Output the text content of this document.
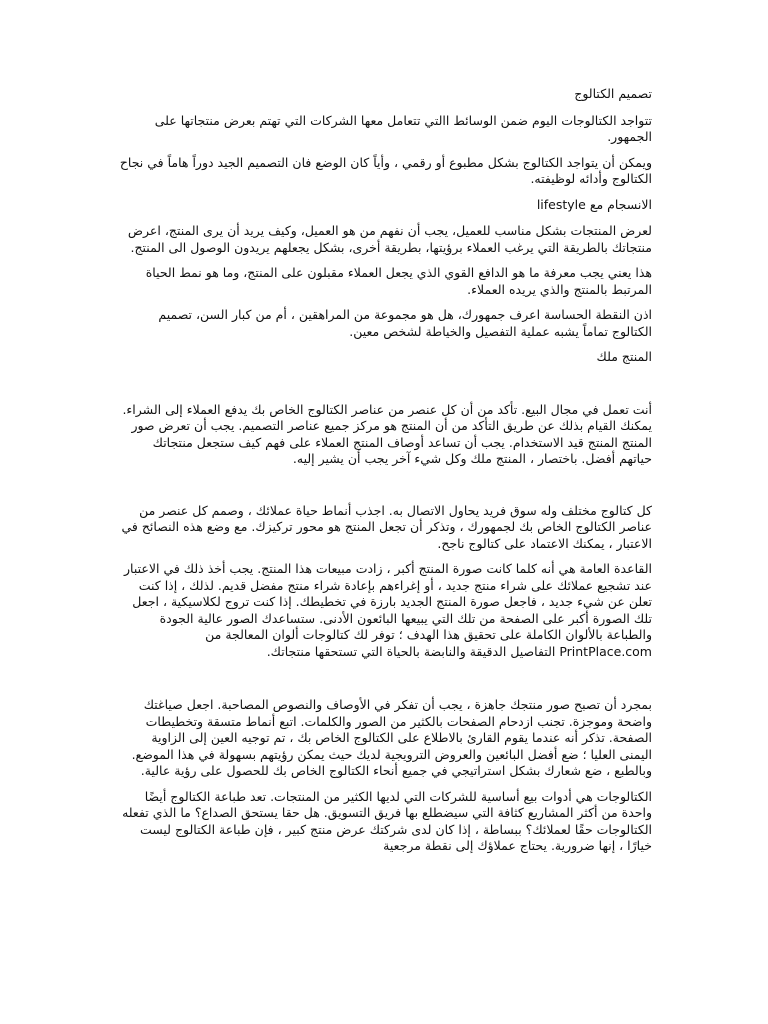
تصميم الكتالوج

تتواجد الكتالوجات اليوم ضمن الوسائط االتي تتعامل معها الشركات التي تهتم بعرض منتجاتها على الجمهور.

ويمكن أن يتواجد الكتالوج بشكل مطبوع أو رقمي ، وأياً كان الوضع فان التصميم الجيد دوراً هاماً في نجاح الكتالوج وأدائه لوظيفته.

الانسجام مع lifestyle

لعرض المنتجات بشكل مناسب للعميل، يجب أن نفهم من هو العميل، وكيف يريد أن يرى المنتج، اعرض منتجاتك بالطريقة التي يرغب العملاء برؤيتها، بطريقة أخرى، بشكل يجعلهم يريدون الوصول الى المنتج.

هذا يعني يجب معرفة ما هو الدافع القوي الذي يجعل العملاء مقبلون على المنتج، وما هو نمط الحياة المرتبط بالمنتج والذي يريده العملاء.

اذن النقطة الحساسة اعرف جمهورك، هل هو مجموعة من المراهقين ، أم من كبار السن، تصميم الكتالوج تماماً يشبه عملية التفصيل والخياطة لشخص معين.

المنتج ملك

أنت تعمل في مجال البيع. تأكد من أن كل عنصر من عناصر الكتالوج الخاص بك يدفع العملاء إلى الشراء. يمكنك القيام بذلك عن طريق التأكد من أن المنتج هو مركز جميع عناصر التصميم. يجب أن تعرض صور المنتج المنتج قيد الاستخدام. يجب أن تساعد أوصاف المنتج العملاء على فهم كيف ستجعل منتجاتك حياتهم أفضل. باختصار ، المنتج ملك وكل شيء آخر يجب أن يشير إليه.

كل كتالوج مختلف وله سوق فريد يحاول الاتصال به. اجذب أنماط حياة عملائك ، وصمم كل عنصر من عناصر الكتالوج الخاص بك لجمهورك ، وتذكر أن تجعل المنتج هو محور تركيزك. مع وضع هذه النصائح في الاعتبار ، يمكنك الاعتماد على كتالوج ناجح.

القاعدة العامة هي أنه كلما كانت صورة المنتج أكبر ، زادت مبيعات هذا المنتج. يجب أخذ ذلك في الاعتبار عند تشجيع عملائك على شراء منتج جديد ، أو إغراءهم بإعادة شراء منتج مفضل قديم. لذلك ، إذا كنت تعلن عن شيء جديد ، فاجعل صورة المنتج الجديد بارزة في تخطيطك. إذا كنت تروج لكلاسيكية ، اجعل تلك الصورة أكبر على الصفحة من تلك التي يبيعها البائعون الأدنى. ستساعدك الصور عالية الجودة والطباعة بالألوان الكاملة على تحقيق هذا الهدف ؛ توفر لك كتالوجات ألوان المعالجة من PrintPlace.com التفاصيل الدقيقة والنابضة بالحياة التي تستحقها منتجاتك.

بمجرد أن تصبح صور منتجك جاهزة ، يجب أن تفكر في الأوصاف والنصوص المصاحبة. اجعل صياغتك واضحة وموجزة. تجنب ازدحام الصفحات بالكثير من الصور والكلمات. اتبع أنماط متسقة وتخطيطات الصفحة. تذكر أنه عندما يقوم القارئ بالاطلاع على الكتالوج الخاص بك ، تم توجيه العين إلى الزاوية اليمنى العليا ؛ ضع أفضل البائعين والعروض الترويجية لديك حيث يمكن رؤيتهم بسهولة في هذا الموضع. وبالطبع ، ضع شعارك بشكل استراتيجي في جميع أنحاء الكتالوج الخاص بك للحصول على رؤية عالية.

الكتالوجات هي أدوات بيع أساسية للشركات التي لديها الكثير من المنتجات. تعد طباعة الكتالوج أيضًا واحدة من أكثر المشاريع كثافة التي سيضطلع بها فريق التسويق. هل حقا يستحق الصداع؟ ما الذي تفعله الكتالوجات حقًا لعملائك؟ ببساطة ، إذا كان لدى شركتك عرض منتج كبير ، فإن طباعة الكتالوج ليست خيارًا ، إنها ضرورية. يحتاج عملاؤك إلى نقطة مرجعية
